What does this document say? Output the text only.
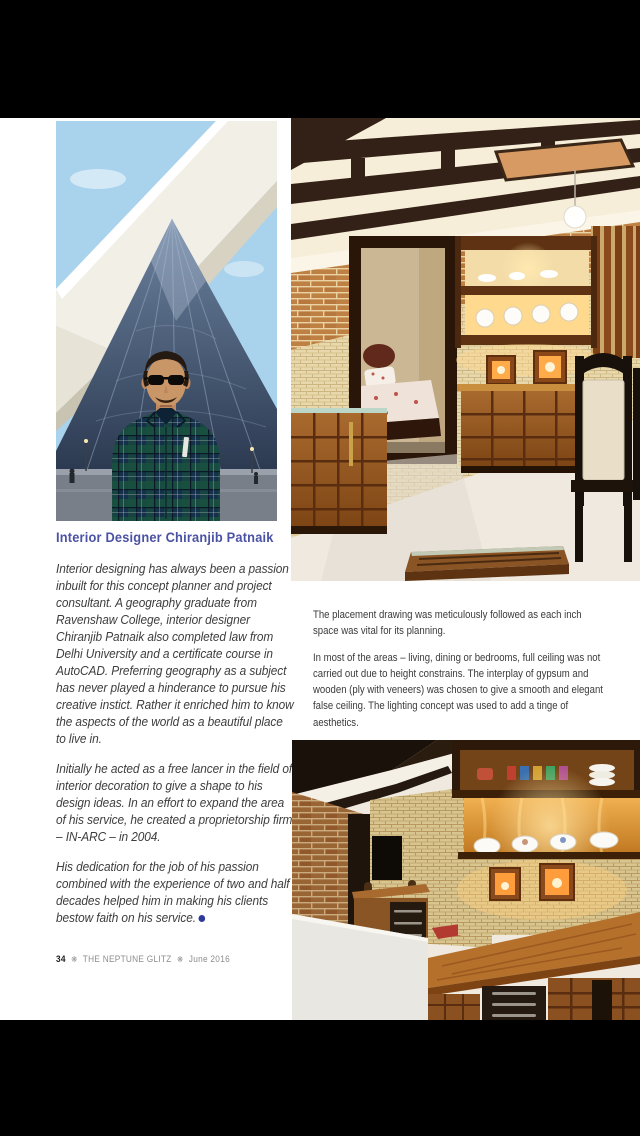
Interior Designer Chiranjib Patnaik

Interior designing has always been a passion inbuilt for this concept planner and project consultant. A geography graduate from Ravenshaw College, interior designer Chiranjib Patnaik also completed law from Delhi University and a certificate course in AutoCAD. Preferring geography as a subject has never played a hinderance to pursue his creative instict. Rather it enriched him to know the aspects of the world as a beautiful place to live in.

Initially he acted as a free lancer in the field of interior decoration to give a shape to his design ideas. In an effort to expand the area of his service, he created a proprietorship firm – IN-ARC – in 2004.

His dedication for the job of his passion combined with the experience of two and half decades helped him in making his clients bestow faith on his service.

The placement drawing was meticulously followed as each inch space was vital for its planning.

In most of the areas – living, dining or bedrooms, full ceiling was not carried out due to height constrains. The interplay of gypsum and wooden (ply with veneers) was chosen to give a smooth and elegant false ceiling. The lighting concept was used to add a tinge of aesthetics.

34 ❋ THE NEPTUNE GLITZ ❋ June 2016
